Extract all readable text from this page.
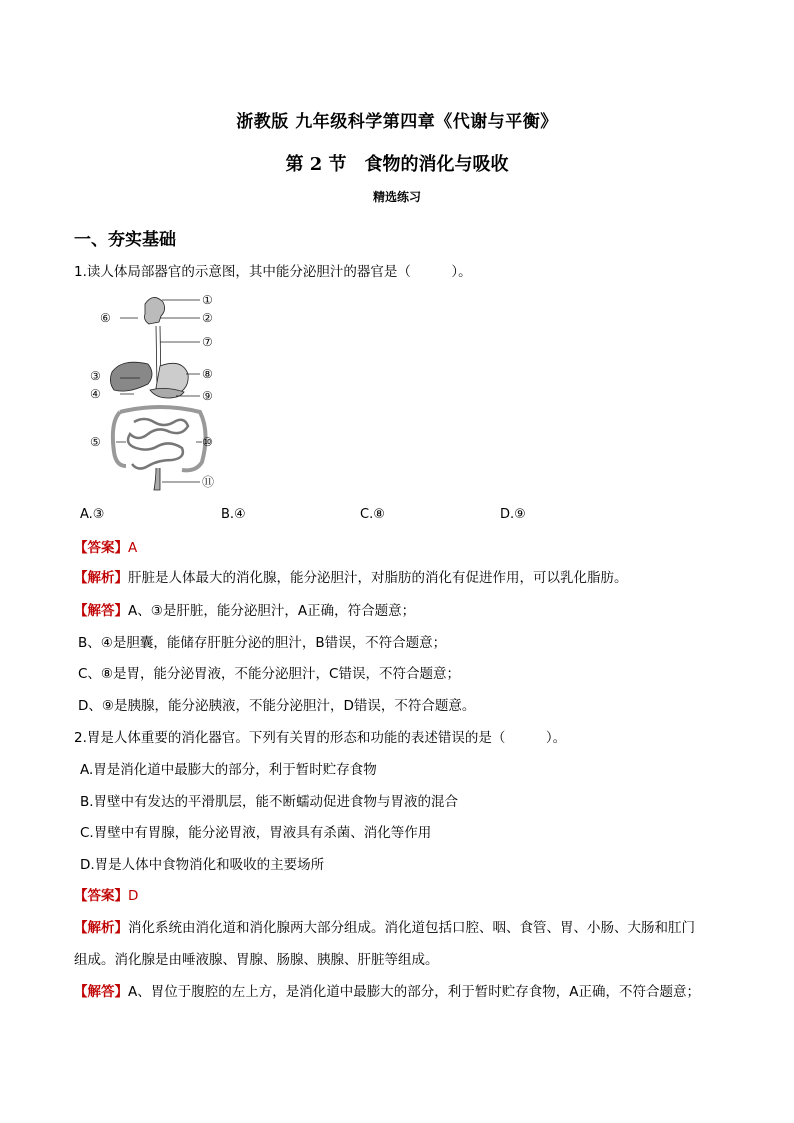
浙教版 九年级科学第四章《代谢与平衡》
第 2 节　食物的消化与吸收
精选练习
一、夯实基础
1.读人体局部器官的示意图，其中能分泌胆汁的器官是（　　　）。
①
②
③
④
⑤
⑥
⑦
⑧
⑨
⑩
⑪
A.③	B.④	C.⑧	D.⑨
【答案】A
【解析】肝脏是人体最大的消化腺，能分泌胆汁，对脂肪的消化有促进作用，可以乳化脂肪。
【解答】A、③是肝脏，能分泌胆汁，A正确，符合题意；
B、④是胆囊，能储存肝脏分泌的胆汁，B错误，不符合题意；
C、⑧是胃，能分泌胃液，不能分泌胆汁，C错误，不符合题意；
D、⑨是胰腺，能分泌胰液，不能分泌胆汁，D错误，不符合题意。
2.胃是人体重要的消化器官。下列有关胃的形态和功能的表述错误的是（　　　）。
A.胃是消化道中最膨大的部分，利于暂时贮存食物
B.胃壁中有发达的平滑肌层，能不断蠕动促进食物与胃液的混合
C.胃壁中有胃腺，能分泌胃液，胃液具有杀菌、消化等作用
D.胃是人体中食物消化和吸收的主要场所
【答案】D
【解析】消化系统由消化道和消化腺两大部分组成。消化道包括口腔、咽、食管、胃、小肠、大肠和肛门
组成。消化腺是由唾液腺、胃腺、肠腺、胰腺、肝脏等组成。
【解答】A、胃位于腹腔的左上方，是消化道中最膨大的部分，利于暂时贮存食物，A正确，不符合题意；
